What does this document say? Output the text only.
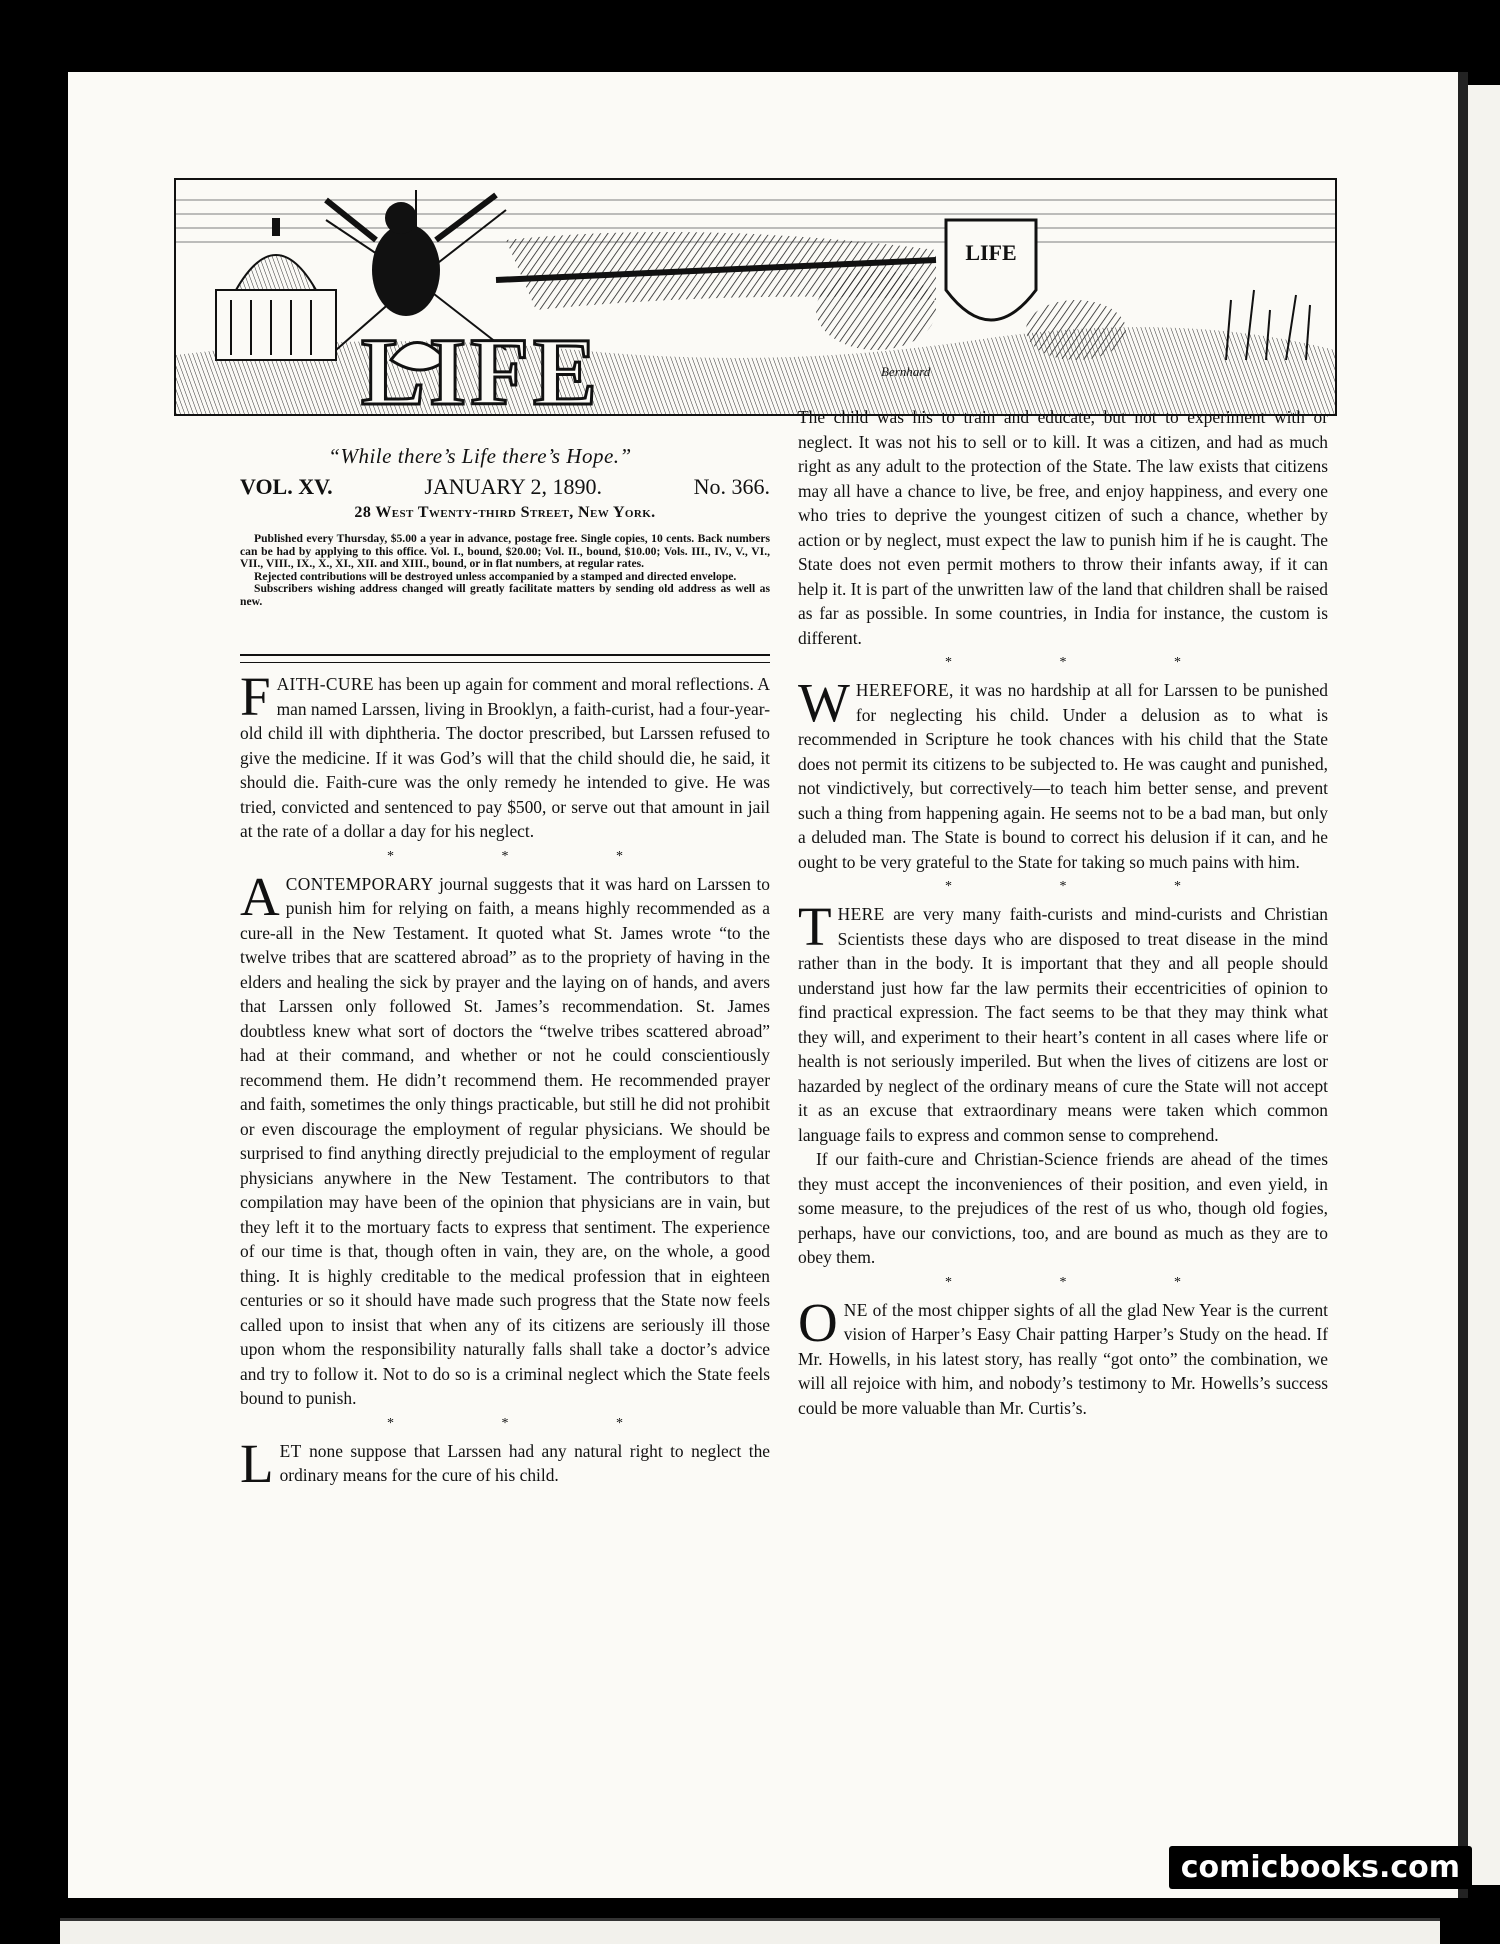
LIFE
LIFE	Bernhard
“While there’s Life there’s Hope.”
VOL. XV.	JANUARY 2, 1890.	No. 366.
28 West Twenty-third Street, New York.

Published every Thursday, $5.00 a year in advance, postage free. Single copies, 10 cents. Back numbers can be had by applying to this office. Vol. I., bound, $20.00; Vol. II., bound, $10.00; Vols. III., IV., V., VI., VII., VIII., IX., X., XI., XII. and XIII., bound, or in flat numbers, at regular rates.

Rejected contributions will be destroyed unless accompanied by a stamped and directed envelope.

Subscribers wishing address changed will greatly facilitate matters by sending old address as well as new.

FAITH-CURE has been up again for comment and moral reflections. A man named Larssen, living in Brooklyn, a faith-curist, had a four-year-old child ill with diphtheria. The doctor prescribed, but Larssen refused to give the medicine. If it was God’s will that the child should die, he said, it should die. Faith-cure was the only remedy he intended to give. He was tried, convicted and sentenced to pay $500, or serve out that amount in jail at the rate of a dollar a day for his neglect.

* * *

ACONTEMPORARY journal suggests that it was hard on Larssen to punish him for relying on faith, a means highly recommended as a cure-all in the New Testament. It quoted what St. James wrote “to the twelve tribes that are scattered abroad” as to the propriety of having in the elders and healing the sick by prayer and the laying on of hands, and avers that Larssen only followed St. James’s recommendation. St. James doubtless knew what sort of doctors the “twelve tribes scattered abroad” had at their command, and whether or not he could conscientiously recommend them. He didn’t recommend them. He recommended prayer and faith, sometimes the only things practicable, but still he did not prohibit or even discourage the employment of regular physicians. We should be surprised to find anything directly prejudicial to the employment of regular physicians anywhere in the New Testament. The contributors to that compilation may have been of the opinion that physicians are in vain, but they left it to the mortuary facts to express that sentiment. The experience of our time is that, though often in vain, they are, on the whole, a good thing. It is highly creditable to the medical profession that in eighteen centuries or so it should have made such progress that the State now feels called upon to insist that when any of its citizens are seriously ill those upon whom the responsibility naturally falls shall take a doctor’s advice and try to follow it. Not to do so is a criminal neglect which the State feels bound to punish.

* * *

LET none suppose that Larssen had any natural right to neglect the ordinary means for the cure of his child.

The child was his to train and educate, but not to experiment with or neglect. It was not his to sell or to kill. It was a citizen, and had as much right as any adult to the protection of the State. The law exists that citizens may all have a chance to live, be free, and enjoy happiness, and every one who tries to deprive the youngest citizen of such a chance, whether by action or by neglect, must expect the law to punish him if he is caught. The State does not even permit mothers to throw their infants away, if it can help it. It is part of the unwritten law of the land that children shall be raised as far as possible. In some countries, in India for instance, the custom is different.

* * *

WHEREFORE, it was no hardship at all for Larssen to be punished for neglecting his child. Under a delusion as to what is recommended in Scripture he took chances with his child that the State does not permit its citizens to be subjected to. He was caught and punished, not vindictively, but correctively—to teach him better sense, and prevent such a thing from happening again. He seems not to be a bad man, but only a deluded man. The State is bound to correct his delusion if it can, and he ought to be very grateful to the State for taking so much pains with him.

* * *

THERE are very many faith-curists and mind-curists and Christian Scientists these days who are disposed to treat disease in the mind rather than in the body. It is important that they and all people should understand just how far the law permits their eccentricities of opinion to find practical expression. The fact seems to be that they may think what they will, and experiment to their heart’s content in all cases where life or health is not seriously imperiled. But when the lives of citizens are lost or hazarded by neglect of the ordinary means of cure the State will not accept it as an excuse that extraordinary means were taken which common language fails to express and common sense to comprehend.

If our faith-cure and Christian-Science friends are ahead of the times they must accept the inconveniences of their position, and even yield, in some measure, to the prejudices of the rest of us who, though old fogies, perhaps, have our convictions, too, and are bound as much as they are to obey them.

* * *

ONE of the most chipper sights of all the glad New Year is the current vision of Harper’s Easy Chair patting Harper’s Study on the head. If Mr. Howells, in his latest story, has really “got onto” the combination, we will all rejoice with him, and nobody’s testimony to Mr. Howells’s success could be more valuable than Mr. Curtis’s.

comicbooks.com
